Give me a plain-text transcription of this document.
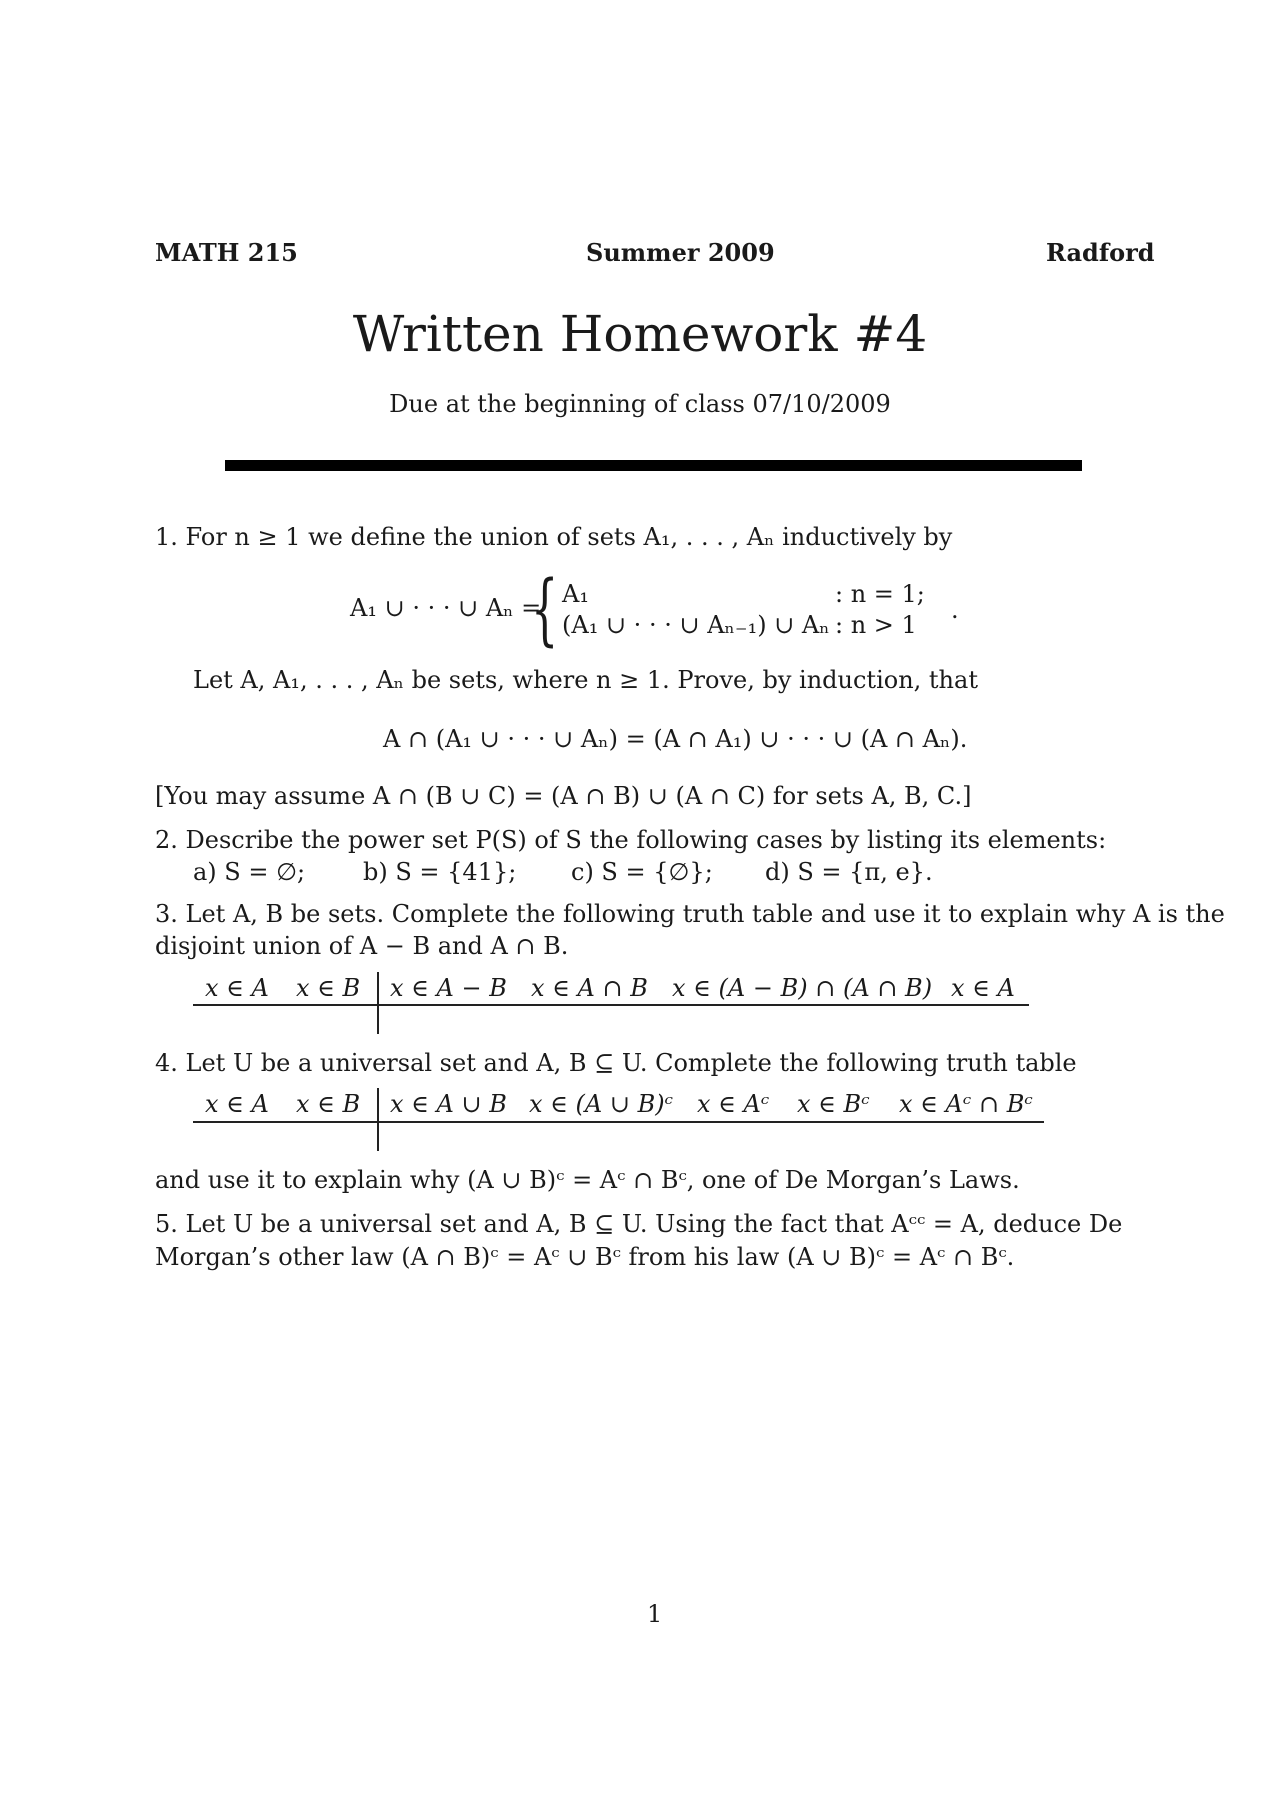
MATH 215	Summer 2009	Radford
Written Homework #4
Due at the beginning of class 07/10/2009
1. For n ≥ 1 we define the union of sets A₁, . . . , Aₙ inductively by
A₁ ∪ · · · ∪ Aₙ =
{ A₁	: n = 1;
(A₁ ∪ · · · ∪ Aₙ₋₁) ∪ Aₙ : n > 1
.
Let A, A₁, . . . , Aₙ be sets, where n ≥ 1. Prove, by induction, that
A ∩ (A₁ ∪ · · · ∪ Aₙ) = (A ∩ A₁) ∪ · · · ∪ (A ∩ Aₙ).
[You may assume A ∩ (B ∪ C) = (A ∩ B) ∪ (A ∩ C) for sets A, B, C.]
2. Describe the power set P(S) of S the following cases by listing its elements:
a) S = ∅; b) S = {41}; c) S = {∅}; d) S = {π, e}.
3. Let A, B be sets. Complete the following truth table and use it to explain why A is the
disjoint union of A − B and A ∩ B.
x ∈ A x ∈ B x ∈ A − B x ∈ A ∩ B x ∈ (A − B) ∩ (A ∩ B) x ∈ A
4. Let U be a universal set and A, B ⊆ U. Complete the following truth table
x ∈ A x ∈ B x ∈ A ∪ B x ∈ (A ∪ B)ᶜ x ∈ Aᶜ x ∈ Bᶜ x ∈ Aᶜ ∩ Bᶜ
and use it to explain why (A ∪ B)ᶜ = Aᶜ ∩ Bᶜ, one of De Morgan’s Laws.
5. Let U be a universal set and A, B ⊆ U. Using the fact that Aᶜᶜ = A, deduce De
Morgan’s other law (A ∩ B)ᶜ = Aᶜ ∪ Bᶜ from his law (A ∪ B)ᶜ = Aᶜ ∩ Bᶜ.
1
